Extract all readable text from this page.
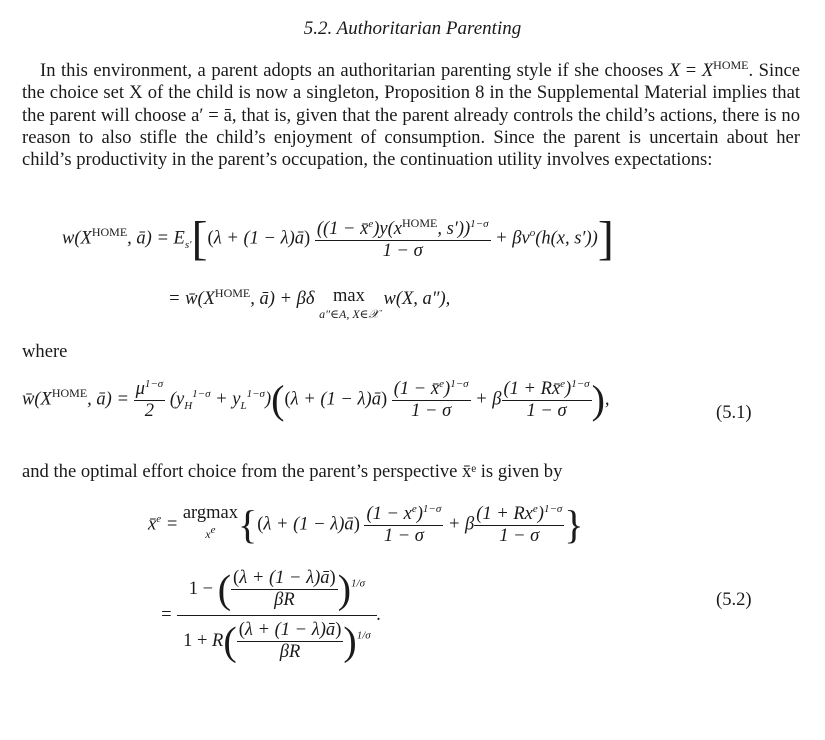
5.2. Authoritarian Parenting
In this environment, a parent adopts an authoritarian parenting style if she chooses $X = X^{HOME}$. Since the choice set X of the child is now a singleton, Proposition 8 in the Supplemental Material implies that the parent will choose a′ = ā, that is, given that the parent already controls the child’s actions, there is no reason to also stifle the child’s enjoyment of consumption. Since the parent is uncertain about her child’s productivity in the parent’s occupation, the continuation utility involves expectations:
$w(X^{HOME}$, ā) = $E_{s'}[(\lambda + (1$ − λ)ā) $\frac{((1 - x̄^e)y(x^{HOME}, s'))^{1-\sigma}}{1 - \sigma} + \beta v^o(h(x$, s′))]
= $w̄(X^{HOME}$, ā) + βδ max
a″∈A, X∈𝒳
w(X, a″),
where
$w̄(X^{HOME}$, ā) = $\frac{\mu^{1-\sigma}}{2} (y_H^{1-\sigma} + y_L^{1-\sigma})((\lambda + (1$ − λ)ā) $\frac{(1 - x̄^e)^{1-\sigma}}{1 - \sigma} + \beta \frac{(1 + Rx̄^e)^{1-\sigma}}{1 - \sigma}$ ),
(5.1)
and the optimal effort choice from the parent’s perspective x̄ᵉ is given by
x̄$^e$ =
argmax
$x^e$ {(λ + (1 − λ)ā) $\frac{(1 - x^e)^{1-\sigma}}{1 - \sigma} + \beta \frac{(1 + Rx^e)^{1-\sigma}}{1 - \sigma}$ }
= $\frac{1 - ( \frac{(\lambda + (1 - \lambda)ā)}{\beta R} )^{1/\sigma}}{1 + R( \frac{(\lambda + (1 - \lambda)ā)}{\beta R} )^{1/\sigma}}$ .
(5.2)
